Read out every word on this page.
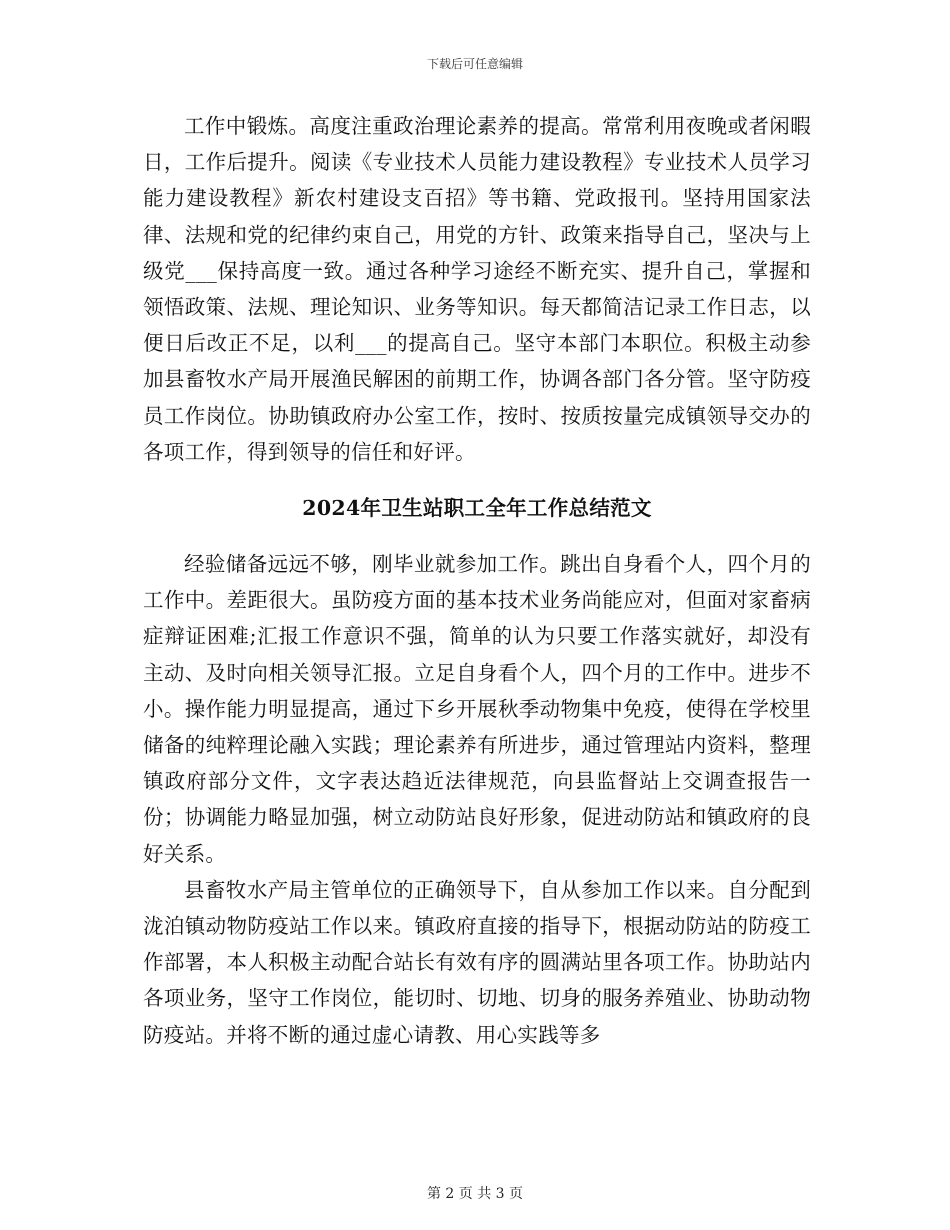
下载后可任意编辑

工作中锻炼。高度注重政治理论素养的提高。常常利用夜晚或者闲暇日，工作后提升。阅读《专业技术人员能力建设教程》专业技术人员学习能力建设教程》新农村建设支百招》等书籍、党政报刊。坚持用国家法律、法规和党的纪律约束自己，用党的方针、政策来指导自己，坚决与上级党___保持高度一致。通过各种学习途经不断充实、提升自己，掌握和领悟政策、法规、理论知识、业务等知识。每天都简洁记录工作日志，以便日后改正不足，以利___的提高自己。坚守本部门本职位。积极主动参加县畜牧水产局开展渔民解困的前期工作，协调各部门各分管。坚守防疫员工作岗位。协助镇政府办公室工作，按时、按质按量完成镇领导交办的各项工作，得到领导的信任和好评。

2024年卫生站职工全年工作总结范文

经验储备远远不够，刚毕业就参加工作。跳出自身看个人，四个月的工作中。差距很大。虽防疫方面的基本技术业务尚能应对，但面对家畜病症辩证困难;汇报工作意识不强，简单的认为只要工作落实就好，却没有主动、及时向相关领导汇报。立足自身看个人，四个月的工作中。进步不小。操作能力明显提高，通过下乡开展秋季动物集中免疫，使得在学校里储备的纯粹理论融入实践；理论素养有所进步，通过管理站内资料，整理镇政府部分文件，文字表达趋近法律规范，向县监督站上交调查报告一份；协调能力略显加强，树立动防站良好形象，促进动防站和镇政府的良好关系。

县畜牧水产局主管单位的正确领导下，自从参加工作以来。自分配到泷泊镇动物防疫站工作以来。镇政府直接的指导下，根据动防站的防疫工作部署，本人积极主动配合站长有效有序的圆满站里各项工作。协助站内各项业务，坚守工作岗位，能切时、切地、切身的服务养殖业、协助动物防疫站。并将不断的通过虚心请教、用心实践等多

第 2 页 共 3 页
